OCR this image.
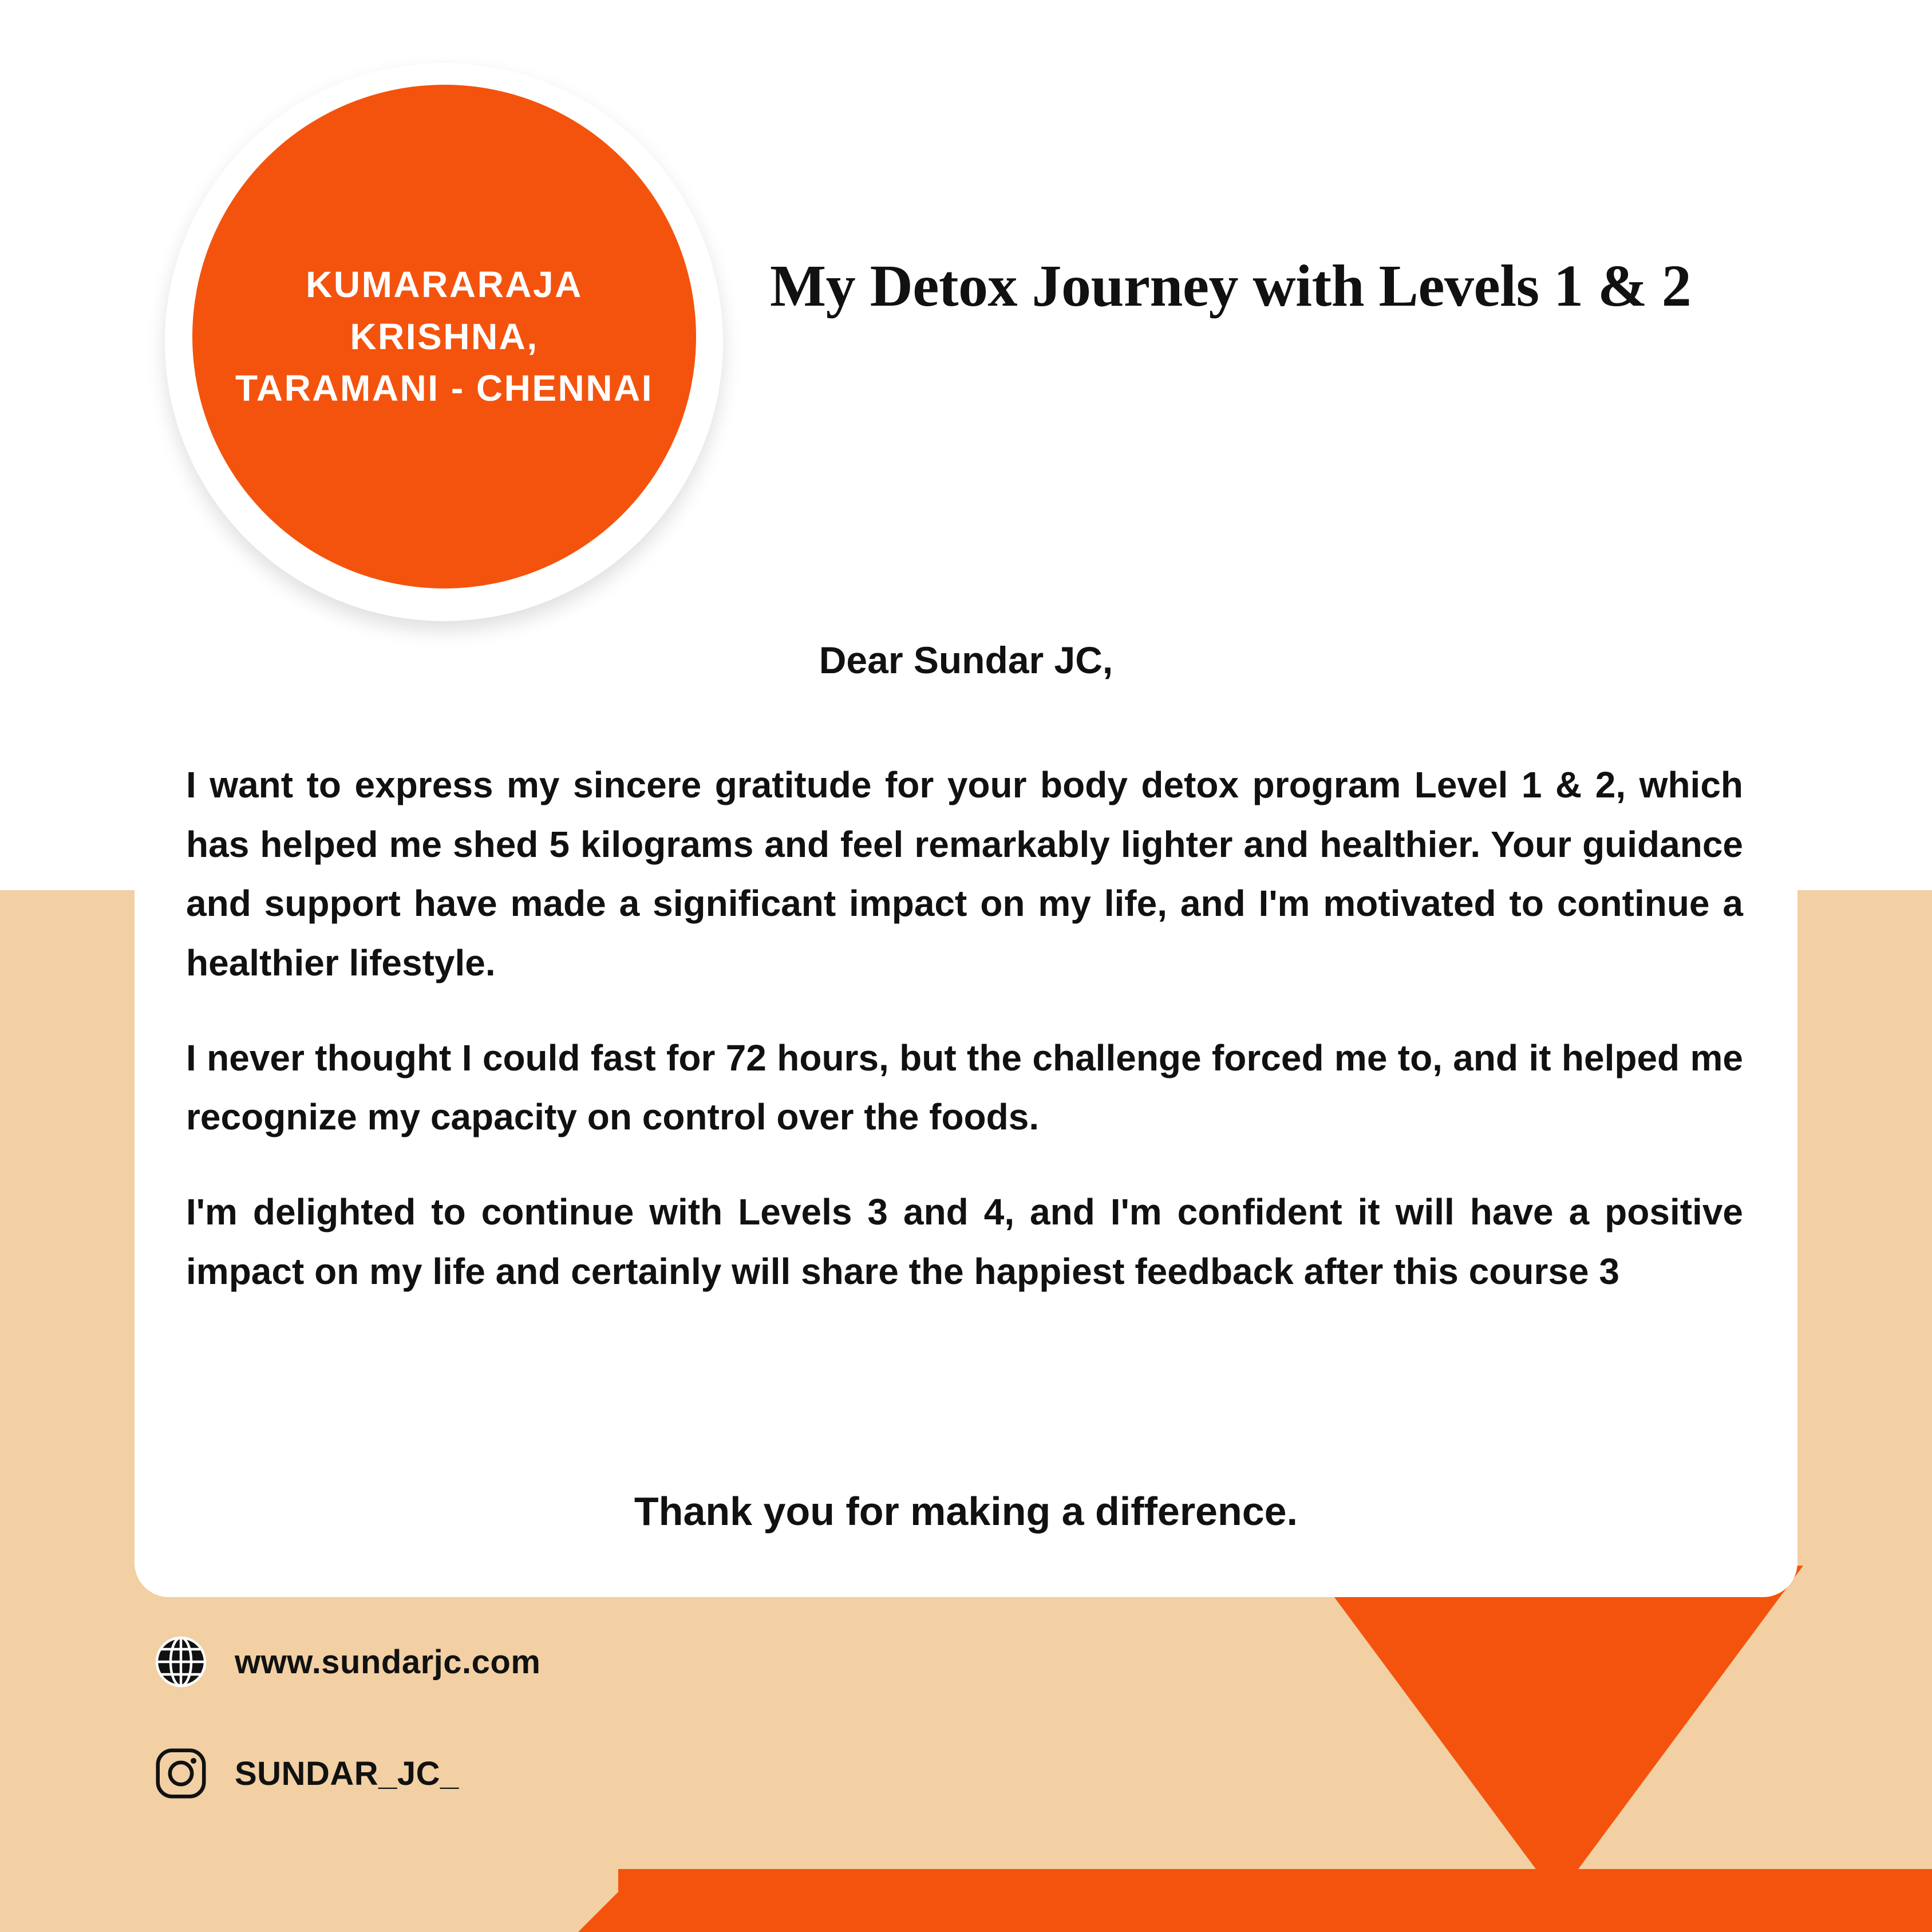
KUMARARAJA KRISHNA,
TARAMANI - CHENNAI
My Detox Journey with Levels 1 & 2
Dear Sundar JC,

I want to express my sincere gratitude for your body detox program Level 1 & 2, which has helped me shed 5 kilograms and feel remarkably lighter and healthier. Your guidance and support have made a significant impact on my life, and I'm motivated to continue a healthier lifestyle.

I never thought I could fast for 72 hours, but the challenge forced me to, and it helped me recognize my capacity on control over the foods.

I'm delighted to continue with Levels 3 and 4, and I'm confident it will have a positive impact on my life and certainly will share the happiest feedback after this course 3

Thank you for making a difference.
www.sundarjc.com
SUNDAR_JC_
